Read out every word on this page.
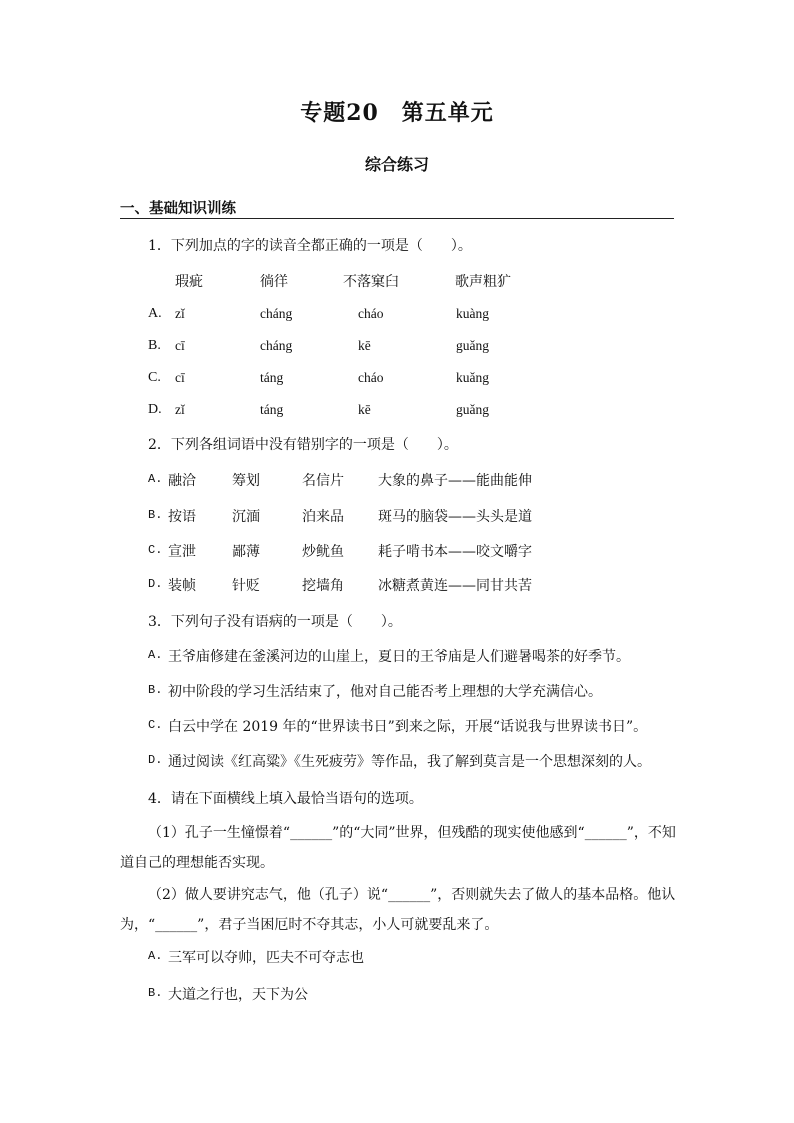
专题20　第五单元
综合练习
一、基础知识训练
1．下列加点的字的读音全都正确的一项是（　　）。
瑕疵	徜徉	不落窠臼	歌声粗犷
A. zǐ	cháng	cháo	kuàng
B. cī	cháng	kē	guǎng
C. cī	táng	cháo	kuǎng
D. zǐ	táng	kē	guǎng
2．下列各组词语中没有错别字的一项是（　　）。
A. 融洽	筹划	名信片 大象的鼻子——能曲能伸
B. 按语	沉湎	泊来品 斑马的脑袋——头头是道
C. 宣泄	鄙薄	炒鱿鱼 耗子啃书本——咬文嚼字
D. 装帧	针贬	挖墙角 冰糖煮黄连——同甘共苦
3．下列句子没有语病的一项是（　　）。
A. 王爷庙修建在釜溪河边的山崖上，夏日的王爷庙是人们避暑喝茶的好季节。
B. 初中阶段的学习生活结束了，他对自己能否考上理想的大学充满信心。
C. 白云中学在 2019 年的“世界读书日”到来之际，开展“话说我与世界读书日”。
D. 通过阅读《红高粱》《生死疲劳》等作品，我了解到莫言是一个思想深刻的人。
4．请在下面横线上填入最恰当语句的选项。
（1）孔子一生憧憬着“______”的“大同”世界，但残酷的现实使他感到“______”，不知道自己的理想能否实现。
（2）做人要讲究志气，他（孔子）说“______”，否则就失去了做人的基本品格。他认为，“______”，君子当困厄时不夺其志，小人可就要乱来了。
A. 三军可以夺帅，匹夫不可夺志也
B. 大道之行也，天下为公
